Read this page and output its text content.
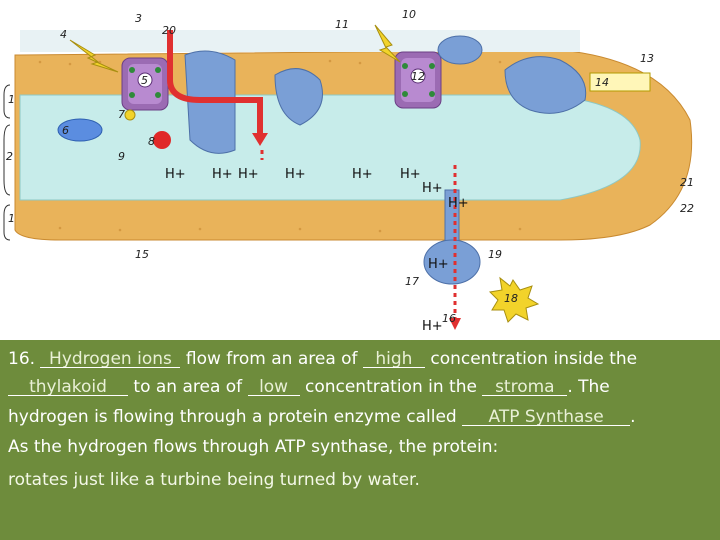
5	12
6
8
7
14
18
H+ H+ H+ H+	H+ H+
H+
H+
H+
H+
1
2
1
3
4	20
9
10
11
13
15
16
17
19
21
22
16. Hydrogen ions flow from an area of high concentration inside the
thylakoid to an area of low concentration in the stroma . The
hydrogen is flowing through a protein enzyme called ATP Synthase .
As the hydrogen flows through ATP synthase, the protein:
rotates just like a turbine being turned by water.
